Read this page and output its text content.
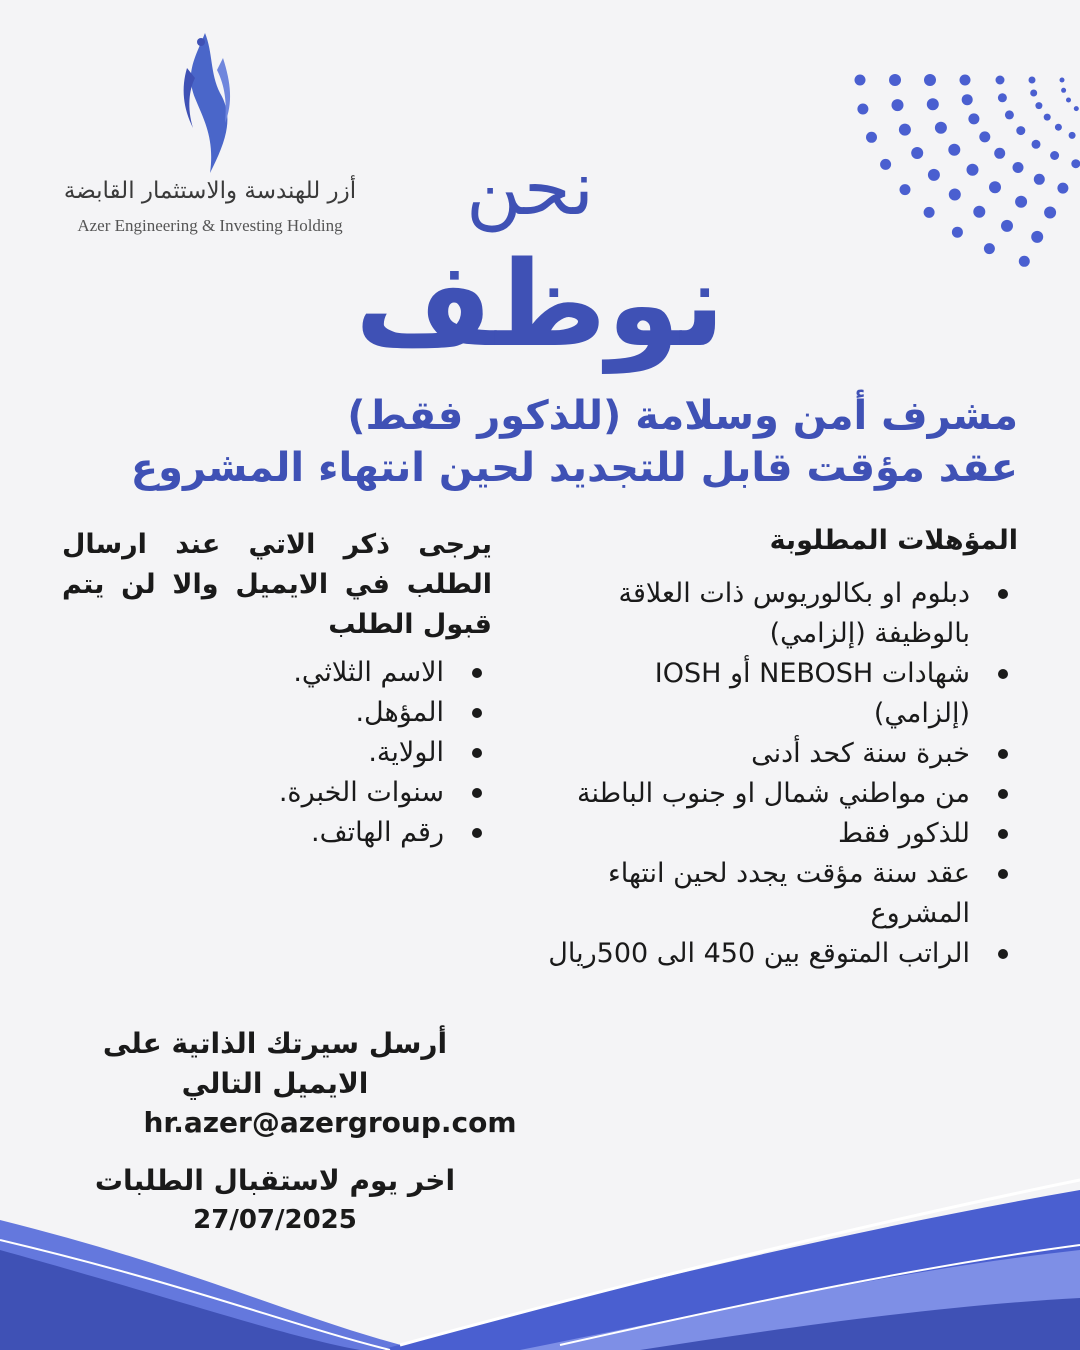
أزر للهندسة والاستثمار القابضة
Azer Engineering & Investing Holding	نحن
نوظف
مشرف أمن وسلامة (للذكور فقط)
عقد مؤقت قابل للتجديد لحين انتهاء المشروع
المؤهلات المطلوبة
دبلوم او بكالوريوس ذات العلاقة بالوظيفة (إلزامي)
شهادات NEBOSH أو IOSH
(إلزامي)
خبرة سنة كحد أدنى
من مواطني شمال او جنوب الباطنة
للذكور فقط
عقد سنة مؤقت يجدد لحين انتهاء المشروع
الراتب المتوقع بين 450 الى 500ريال
يرجى ذكر الاتي عند ارسال الطلب في الايميل والا لن يتم قبول الطلب
الاسم الثلاثي.
المؤهل.
الولاية.
سنوات الخبرة.
رقم الهاتف.
أرسل سيرتك الذاتية على الايميل التالي
hr.azer@azergroup.com
اخر يوم لاستقبال الطلبات
27/07/2025
